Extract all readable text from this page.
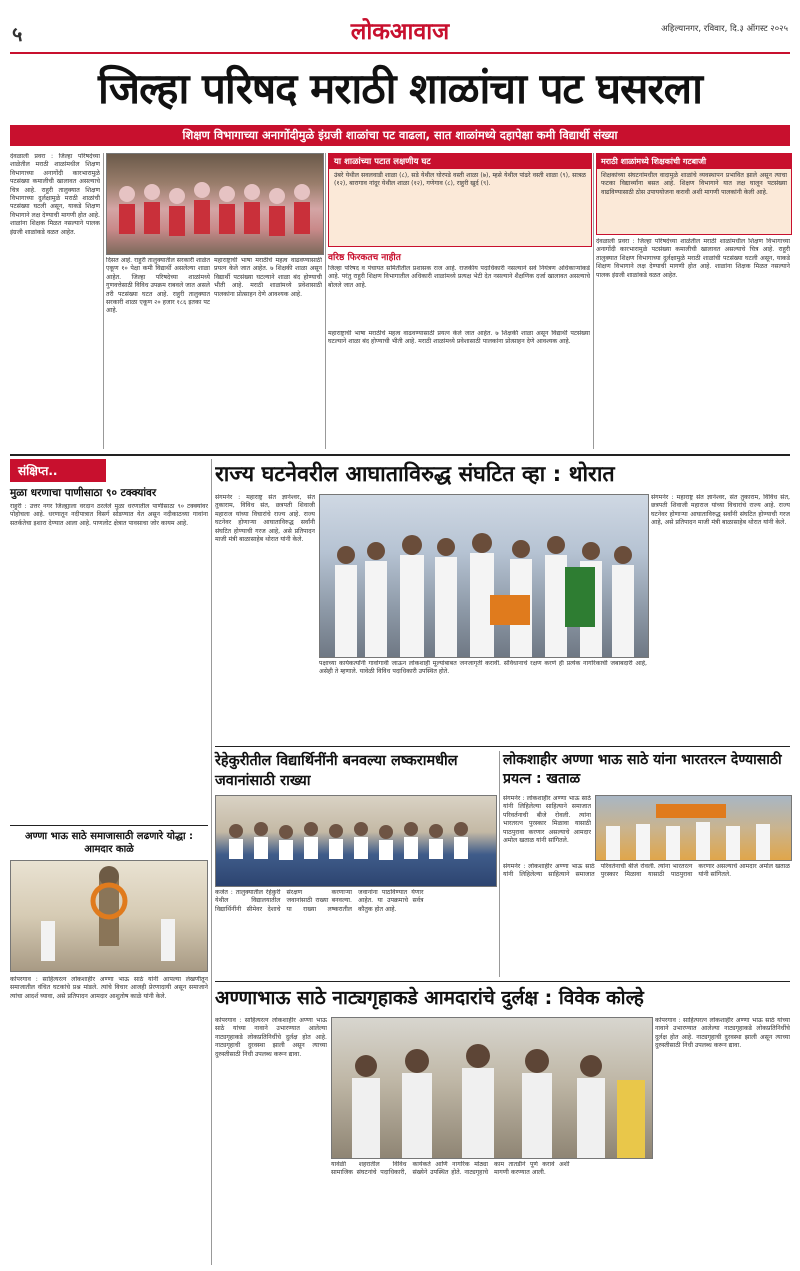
५	लोकआवाज	अहिल्यानगर, रविवार, दि.३ ऑगस्ट २०२५
जिल्हा परिषद मराठी शाळांचा पट घसरला
शिक्षण विभागाच्या अनागोंदीमुळे इंग्रजी शाळांचा पट वाढला, सात शाळांमध्ये दहापेक्षा कमी विद्यार्थी संख्या
देवळाली प्रवरा : जिल्हा परिषदेच्या शाळेतील मराठी शाळांमधील शिक्षण विभागाच्या अनागोंदी कारभारामुळे पटसंख्या कमालीची खालावत असल्याचे चित्र आहे. राहुरी तालुक्यात शिक्षण विभागाच्या दुर्लक्षामुळे मराठी शाळांची पटसंख्या घटली असून, याकडे शिक्षण विभागाने लक्ष देण्याची मागणी होत आहे. शाळांना शिक्षक मिळत नसल्याने पालक इंग्रजी शाळांकडे वळत आहेत.
दिसत आहे. राहुरी तालुक्यातील सरकारी शाळेत एकूण १० पेक्षा कमी विद्यार्थी असलेल्या शाळा आहेत. जिल्हा परिषदेच्या शाळांमध्ये गुणवत्तेसाठी विविध उपक्रम राबवले जात असले तरी पटसंख्या घटत आहे. राहुरी तालुक्यात सरकारी शाळा एकूण २० हजार १८६ इतका पट आहे.
महाराष्ट्राची भाषा मराठीचे महत्व वाढवण्यासाठी प्रयत्न केले जात आहेत. ७ शिक्षकी शाळा असून विद्यार्थी पटसंख्या घटल्याने शाळा बंद होण्याची भीती आहे. मराठी शाळांमध्ये प्रवेशासाठी पालकांना प्रोत्साहन देणे आवश्यक आहे.
या शाळांच्या पटात लक्षणीय घट
उंबरे येथील सवलवाडी शाळा (८), सडे येथील घोरपडे वस्ती शाळा (७), म्हसे येथील पांढरे वस्ती शाळा (९), सात्रळ (१२), बारागाव नांदूर येथील शाळा (१२), गणेगाव (८), राहुरी खुर्द (९).
वरिष्ठ फिरकतच नाहीत
जिल्हा परिषद व पंचायत समितीतील प्रशासक राज आहे. राजकीय पदाधिकारी नसल्याने सर्व नियंत्रण अधिकाऱ्यांकडे आहे. परंतु राहुरी शिक्षण विभागातील अधिकारी शाळांमध्ये प्रत्यक्ष भेटी देत नसल्याने शैक्षणिक दर्जा खालावत असल्याचे बोलले जात आहे.
महाराष्ट्राची भाषा मराठीचे महत्व वाढवण्यासाठी प्रयत्न केले जात आहेत. ७ शिक्षकी शाळा असून विद्यार्थी पटसंख्या घटल्याने शाळा बंद होण्याची भीती आहे. मराठी शाळांमध्ये प्रवेशासाठी पालकांना प्रोत्साहन देणे आवश्यक आहे.
मराठी शाळांमध्ये शिक्षकांची गटबाजी
शिक्षकांच्या संघटनांमधील वादामुळे शाळांचे व्यवस्थापन प्रभावित झाले असून त्याचा फटका विद्यार्थ्यांना बसत आहे. शिक्षण विभागाने यात लक्ष घालून पटसंख्या वाढविण्यासाठी ठोस उपाययोजना करावी अशी मागणी पालकांनी केली आहे.
देवळाली प्रवरा : जिल्हा परिषदेच्या शाळेतील मराठी शाळांमधील शिक्षण विभागाच्या अनागोंदी कारभारामुळे पटसंख्या कमालीची खालावत असल्याचे चित्र आहे. राहुरी तालुक्यात शिक्षण विभागाच्या दुर्लक्षामुळे मराठी शाळांची पटसंख्या घटली असून, याकडे शिक्षण विभागाने लक्ष देण्याची मागणी होत आहे. शाळांना शिक्षक मिळत नसल्याने पालक इंग्रजी शाळांकडे वळत आहेत.
संक्षिप्त..
मुळा धरणाचा पाणीसाठा ९० टक्क्यांवर
राहुरी : उत्तर नगर जिल्ह्याला वरदान ठरलेले मुळा धरणातील पाणीसाठा ९० टक्क्यांवर पोहोचला आहे. धरणातून नदीपात्रात विसर्ग सोडण्यात येत असून नदीकाठच्या गावांना सतर्कतेचा इशारा देण्यात आला आहे. पाणलोट क्षेत्रात पावसाचा जोर कायम आहे.
अण्णा भाऊ साठे समाजासाठी लढणारे योद्धा : आमदार काळे
कोपरगाव : साहित्यरत्न लोकशाहीर अण्णा भाऊ साठे यांनी आपल्या लेखणीतून समाजातील वंचित घटकांचे प्रश्न मांडले. त्यांचे विचार आजही प्रेरणादायी असून समाजाने त्यांचा आदर्श घ्यावा, असे प्रतिपादन आमदार आशुतोष काळे यांनी केले.
राज्य घटनेवरील आघाताविरुद्ध संघटित व्हा : थोरात
संगमनेर : महाराष्ट्र संत ज्ञानेश्वर, संत तुकाराम, विविध संत, छत्रपती शिवाजी महाराज यांच्या विचारांचे राज्य आहे. राज्य घटनेवर होणाऱ्या आघाताविरुद्ध सर्वांनी संघटित होण्याची गरज आहे, असे प्रतिपादन माजी मंत्री बाळासाहेब थोरात यांनी केले.
पक्षाच्या कार्यकर्त्यांनी गावोगावी जाऊन लोकशाही मूल्यांबाबत जनजागृती करावी. संविधानाचे रक्षण करणे ही प्रत्येक नागरिकाची जबाबदारी आहे, असेही ते म्हणाले. यावेळी विविध पदाधिकारी उपस्थित होते.
संगमनेर : महाराष्ट्र संत ज्ञानेश्वर, संत तुकाराम, विविध संत, छत्रपती शिवाजी महाराज यांच्या विचारांचे राज्य आहे. राज्य घटनेवर होणाऱ्या आघाताविरुद्ध सर्वांनी संघटित होण्याची गरज आहे, असे प्रतिपादन माजी मंत्री बाळासाहेब थोरात यांनी केले.
रेहेकुरीतील विद्यार्थिनींनी बनवल्या लष्करामधील जवानांसाठी राख्या
कर्जत : तालुक्यातील रेहेकुरी येथील विद्यालयातील विद्यार्थिनींनी सीमेवर देशाचे संरक्षण करणाऱ्या जवानांसाठी राख्या बनवल्या. या राख्या लष्करातील जवानांना पाठविण्यात येणार आहेत. या उपक्रमाचे सर्वत्र कौतुक होत आहे.
लोकशाहीर अण्णा भाऊ साठे यांना भारतरत्न देण्यासाठी प्रयत्न : खताळ
संगमनेर : लोकशाहीर अण्णा भाऊ साठे यांनी लिहिलेल्या साहित्याने समाजात परिवर्तनाची बीजे रोवली. त्यांना भारतरत्न पुरस्कार मिळावा यासाठी पाठपुरावा करणार असल्याचे आमदार अमोल खताळ यांनी सांगितले.
संगमनेर : लोकशाहीर अण्णा भाऊ साठे यांनी लिहिलेल्या साहित्याने समाजात परिवर्तनाची बीजे रोवली. त्यांना भारतरत्न पुरस्कार मिळावा यासाठी पाठपुरावा करणार असल्याचे आमदार अमोल खताळ यांनी सांगितले.
अण्णाभाऊ साठे नाट्यगृहाकडे आमदारांचे दुर्लक्ष : विवेक कोल्हे
कोपरगाव : साहित्यरत्न लोकशाहीर अण्णा भाऊ साठे यांच्या नावाने उभारण्यात आलेल्या नाट्यगृहाकडे लोकप्रतिनिधींचे दुर्लक्ष होत आहे. नाट्यगृहाची दुरवस्था झाली असून त्याच्या दुरुस्तीसाठी निधी उपलब्ध करून द्यावा.
यावेळी शहरातील विविध सामाजिक संघटनांचे पदाधिकारी, कार्यकर्ते आणि नागरिक मोठ्या संख्येने उपस्थित होते. नाट्यगृहाचे काम तातडीने पूर्ण करावे अशी मागणी करण्यात आली.
कोपरगाव : साहित्यरत्न लोकशाहीर अण्णा भाऊ साठे यांच्या नावाने उभारण्यात आलेल्या नाट्यगृहाकडे लोकप्रतिनिधींचे दुर्लक्ष होत आहे. नाट्यगृहाची दुरवस्था झाली असून त्याच्या दुरुस्तीसाठी निधी उपलब्ध करून द्यावा.
